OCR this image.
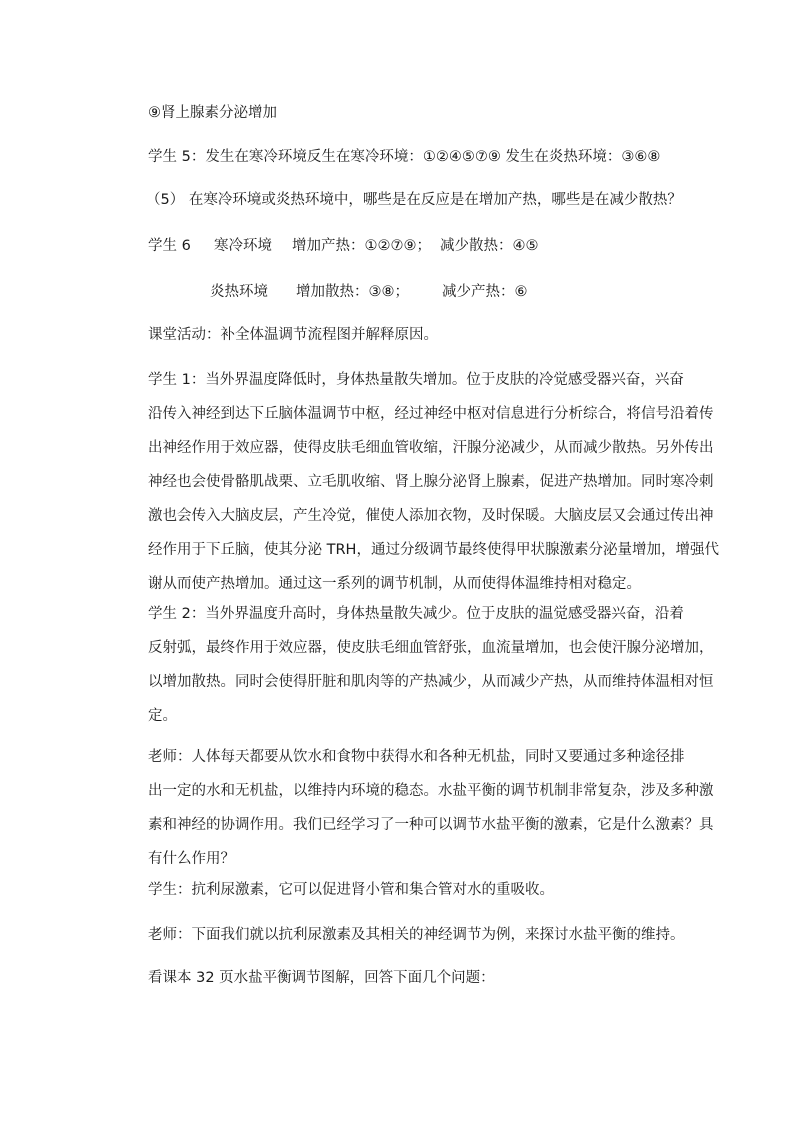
⑨肾上腺素分泌增加
学生 5：发生在寒冷环境反生在寒冷环境：①②④⑤⑦⑨ 发生在炎热环境：③⑥⑧
（5） 在寒冷环境或炎热环境中，哪些是在反应是在增加产热，哪些是在减少散热？
学生 6 寒冷环境 增加产热：①②⑦⑨； 减少散热：④⑤
炎热环境 增加散热：③⑧； 减少产热：⑥
课堂活动：补全体温调节流程图并解释原因。
学生 1：当外界温度降低时，身体热量散失增加。位于皮肤的冷觉感受器兴奋，兴奋
沿传入神经到达下丘脑体温调节中枢，经过神经中枢对信息进行分析综合，将信号沿着传
出神经作用于效应器，使得皮肤毛细血管收缩，汗腺分泌减少，从而减少散热。另外传出
神经也会使骨骼肌战栗、立毛肌收缩、肾上腺分泌肾上腺素，促进产热增加。同时寒冷刺
激也会传入大脑皮层，产生冷觉，催使人添加衣物，及时保暖。大脑皮层又会通过传出神
经作用于下丘脑，使其分泌 TRH，通过分级调节最终使得甲状腺激素分泌量增加，增强代
谢从而使产热增加。通过这一系列的调节机制，从而使得体温维持相对稳定。
学生 2：当外界温度升高时，身体热量散失减少。位于皮肤的温觉感受器兴奋，沿着
反射弧，最终作用于效应器，使皮肤毛细血管舒张，血流量增加，也会使汗腺分泌增加，
以增加散热。同时会使得肝脏和肌肉等的产热减少，从而减少产热，从而维持体温相对恒
定。
老师：人体每天都要从饮水和食物中获得水和各种无机盐，同时又要通过多种途径排
出一定的水和无机盐，以维持内环境的稳态。水盐平衡的调节机制非常复杂，涉及多种激
素和神经的协调作用。我们已经学习了一种可以调节水盐平衡的激素，它是什么激素？具
有什么作用？
学生：抗利尿激素，它可以促进肾小管和集合管对水的重吸收。
老师：下面我们就以抗利尿激素及其相关的神经调节为例，来探讨水盐平衡的维持。
看课本 32 页水盐平衡调节图解，回答下面几个问题：
